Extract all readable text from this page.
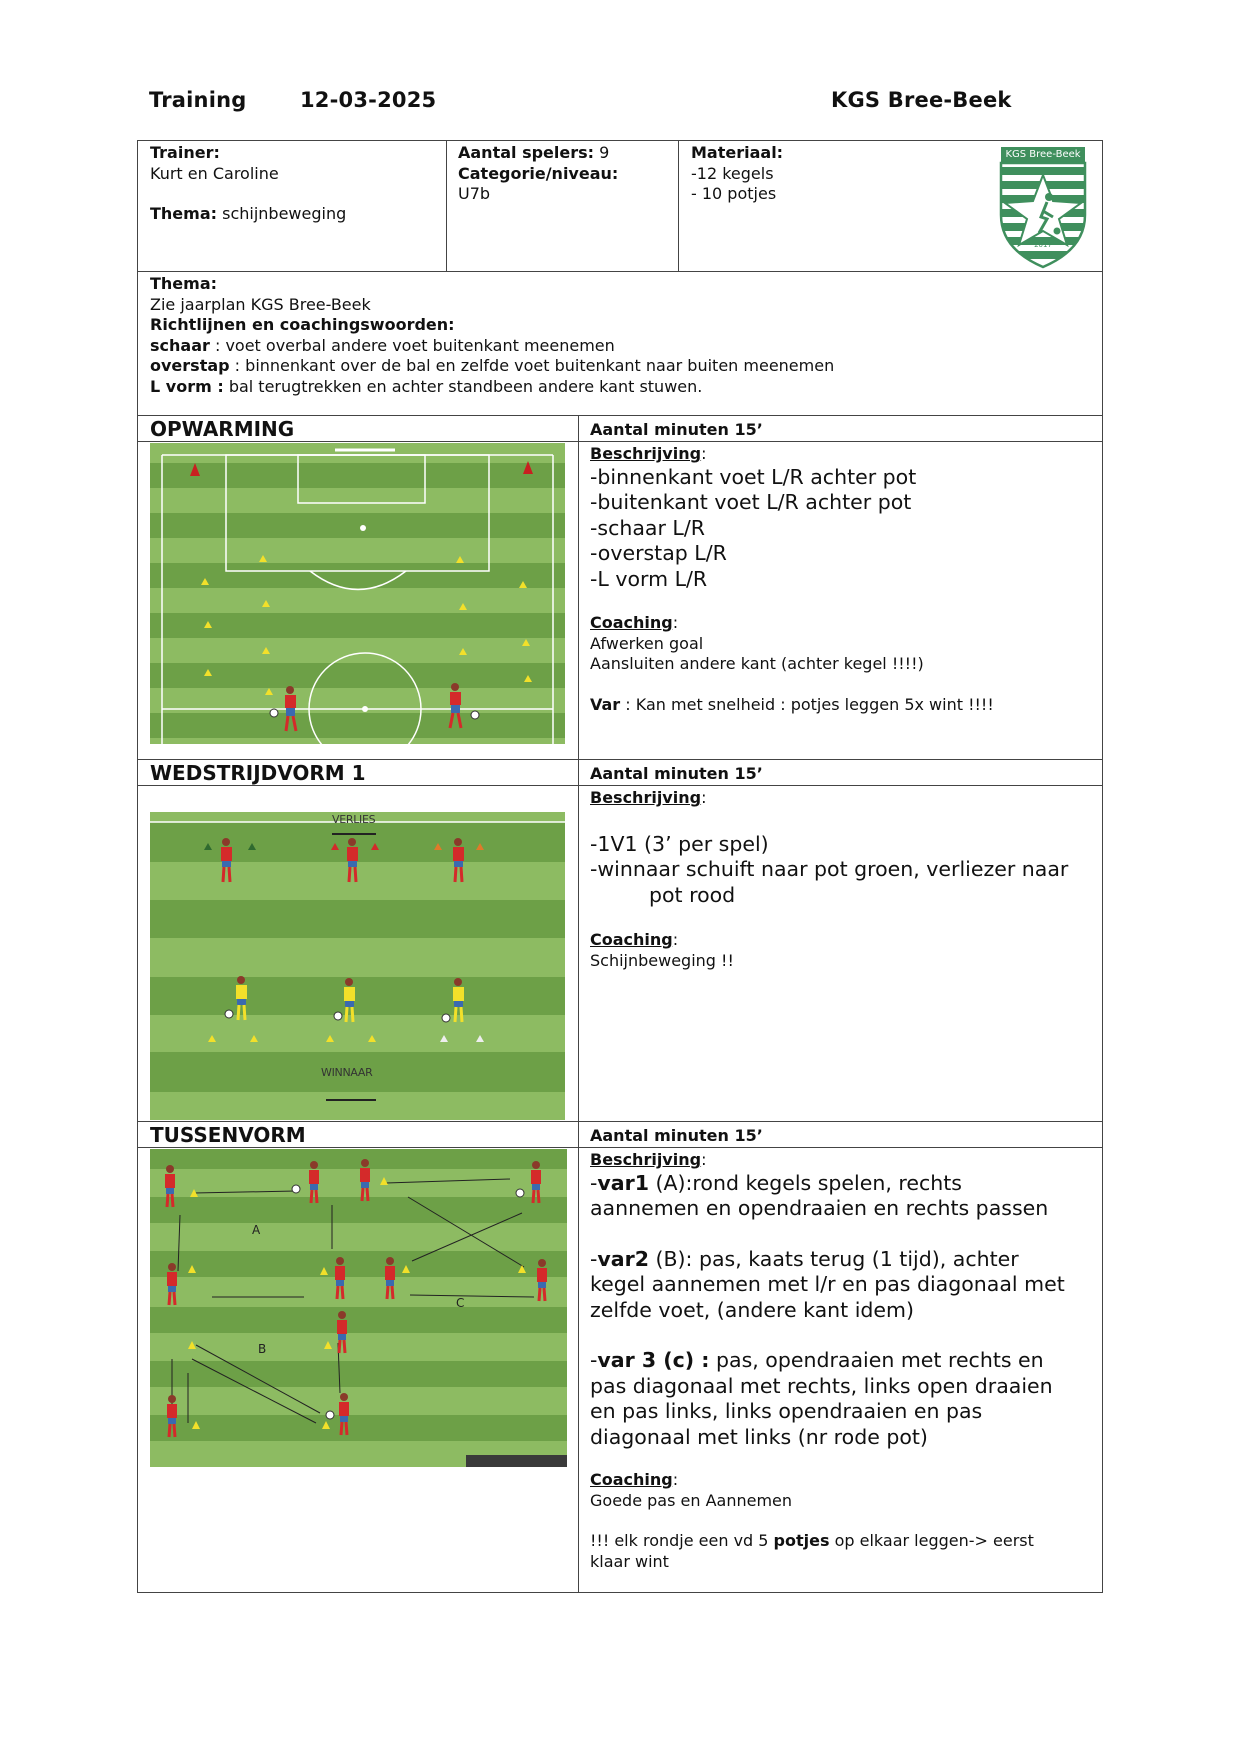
Training	12-03-2025	KGS Bree-Beek
Trainer:
Kurt en Caroline
Thema: schijnbeweging
Aantal spelers: 9
Categorie/niveau:
U7b
Materiaal:
-12 kegels
- 10 potjes
KGS Bree-Beek
2017
Thema:
Zie jaarplan KGS Bree-Beek
Richtlijnen en coachingswoorden:
schaar : voet overbal andere voet buitenkant meenemen
overstap : binnenkant over de bal en zelfde voet buitenkant naar buiten meenemen
L vorm : bal terugtrekken en achter standbeen andere kant stuwen.
OPWARMING	Aantal minuten 15’
Beschrijving:
-binnenkant voet L/R achter pot
-buitenkant voet L/R achter pot
-schaar L/R
-overstap L/R
-L vorm L/R
Coaching:
Afwerken goal
Aansluiten andere kant (achter kegel !!!!)
Var : Kan met snelheid : potjes leggen 5x wint !!!!
WEDSTRIJDVORM 1	Aantal minuten 15’
VERLIES
WINNAAR
Beschrijving:
-1V1 (3’ per spel)
-winnaar schuift naar pot groen, verliezer naar
pot rood
Coaching:
Schijnbeweging !!
TUSSENVORM	Aantal minuten 15’
A
B
C
Beschrijving:
-var1 (A):rond kegels spelen, rechts
aannemen en opendraaien en rechts passen
-var2 (B): pas, kaats terug (1 tijd), achter
kegel aannemen met l/r en pas diagonaal met
zelfde voet, (andere kant idem)
-var 3 (c) : pas, opendraaien met rechts en
pas diagonaal met rechts, links open draaien
en pas links, links opendraaien en pas
diagonaal met links (nr rode pot)
Coaching:
Goede pas en Aannemen
!!! elk rondje een vd 5 potjes op elkaar leggen-> eerst
klaar wint
